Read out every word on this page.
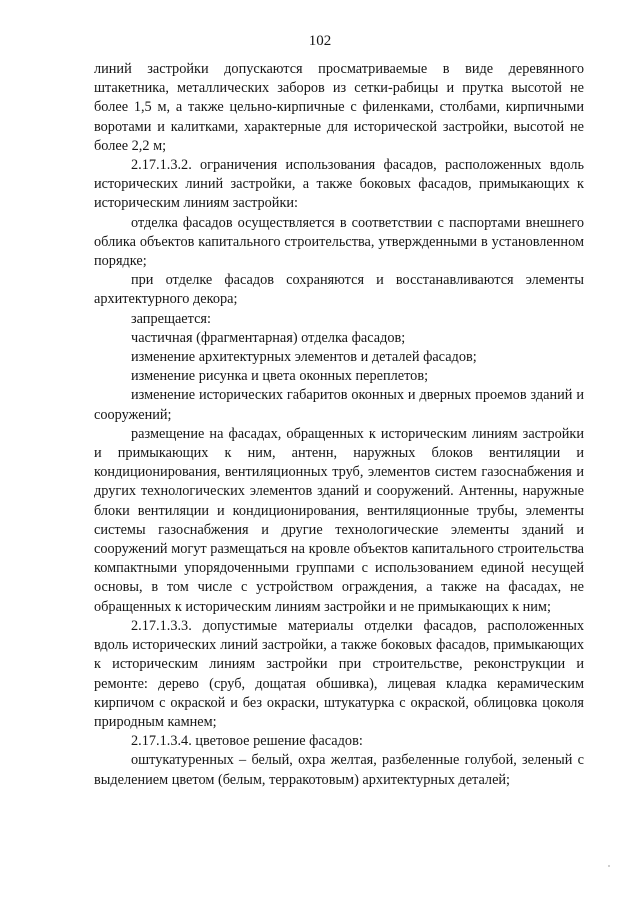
102

линий застройки допускаются просматриваемые в виде деревянного штакетника, металлических заборов из сетки-рабицы и прутка высотой не более 1,5 м, а также цельно-кирпичные с филенками, столбами, кирпичными воротами и калитками, характерные для исторической застройки, высотой не более 2,2 м;

2.17.1.3.2. ограничения использования фасадов, расположенных вдоль исторических линий застройки, а также боковых фасадов, примыкающих к историческим линиям застройки:

отделка фасадов осуществляется в соответствии с паспортами внешнего облика объектов капитального строительства, утвержденными в установленном порядке;

при отделке фасадов сохраняются и восстанавливаются элементы архитектурного декора;

запрещается:

частичная (фрагментарная) отделка фасадов;

изменение архитектурных элементов и деталей фасадов;

изменение рисунка и цвета оконных переплетов;

изменение исторических габаритов оконных и дверных проемов зданий и сооружений;

размещение на фасадах, обращенных к историческим линиям застройки и примыкающих к ним, антенн, наружных блоков вентиляции и кондиционирования, вентиляционных труб, элементов систем газоснабжения и других технологических элементов зданий и сооружений. Антенны, наружные блоки вентиляции и кондиционирования, вентиляционные трубы, элементы системы газоснабжения и другие технологические элементы зданий и сооружений могут размещаться на кровле объектов капитального строительства компактными упорядоченными группами с использованием единой несущей основы, в том числе с устройством ограждения, а также на фасадах, не обращенных к историческим линиям застройки и не примыкающих к ним;

2.17.1.3.3. допустимые материалы отделки фасадов, расположенных вдоль исторических линий застройки, а также боковых фасадов, примыкающих к историческим линиям застройки при строительстве, реконструкции и ремонте: дерево (сруб, дощатая обшивка), лицевая кладка керамическим кирпичом с окраской и без окраски, штукатурка с окраской, облицовка цоколя природным камнем;

2.17.1.3.4. цветовое решение фасадов:

оштукатуренных – белый, охра желтая, разбеленные голубой, зеленый с выделением цветом (белым, терракотовым) архитектурных деталей;
